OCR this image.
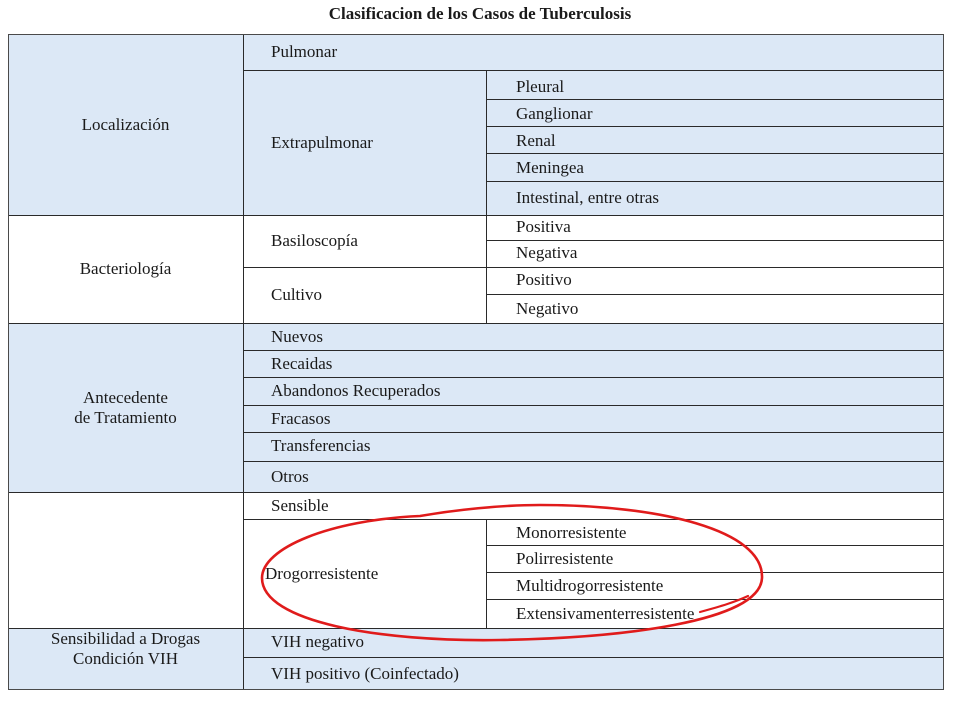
Clasificacion de los Casos de Tuberculosis
Localización
Bacteriología
Antecedente
de Tratamiento
Sensibilidad a Drogas
Condición VIH
Pulmonar
Extrapulmonar
Pleural
Ganglionar
Renal
Meningea
Intestinal, entre otras
Basiloscopía
Positiva
Negativa
Cultivo
Positivo
Negativo
Nuevos
Recaidas
Abandonos Recuperados
Fracasos
Transferencias
Otros
Sensible
Drogorresistente
Monorresistente
Polirresistente
Multidrogorresistente
Extensivamenterresistente
VIH negativo
VIH positivo (Coinfectado)
